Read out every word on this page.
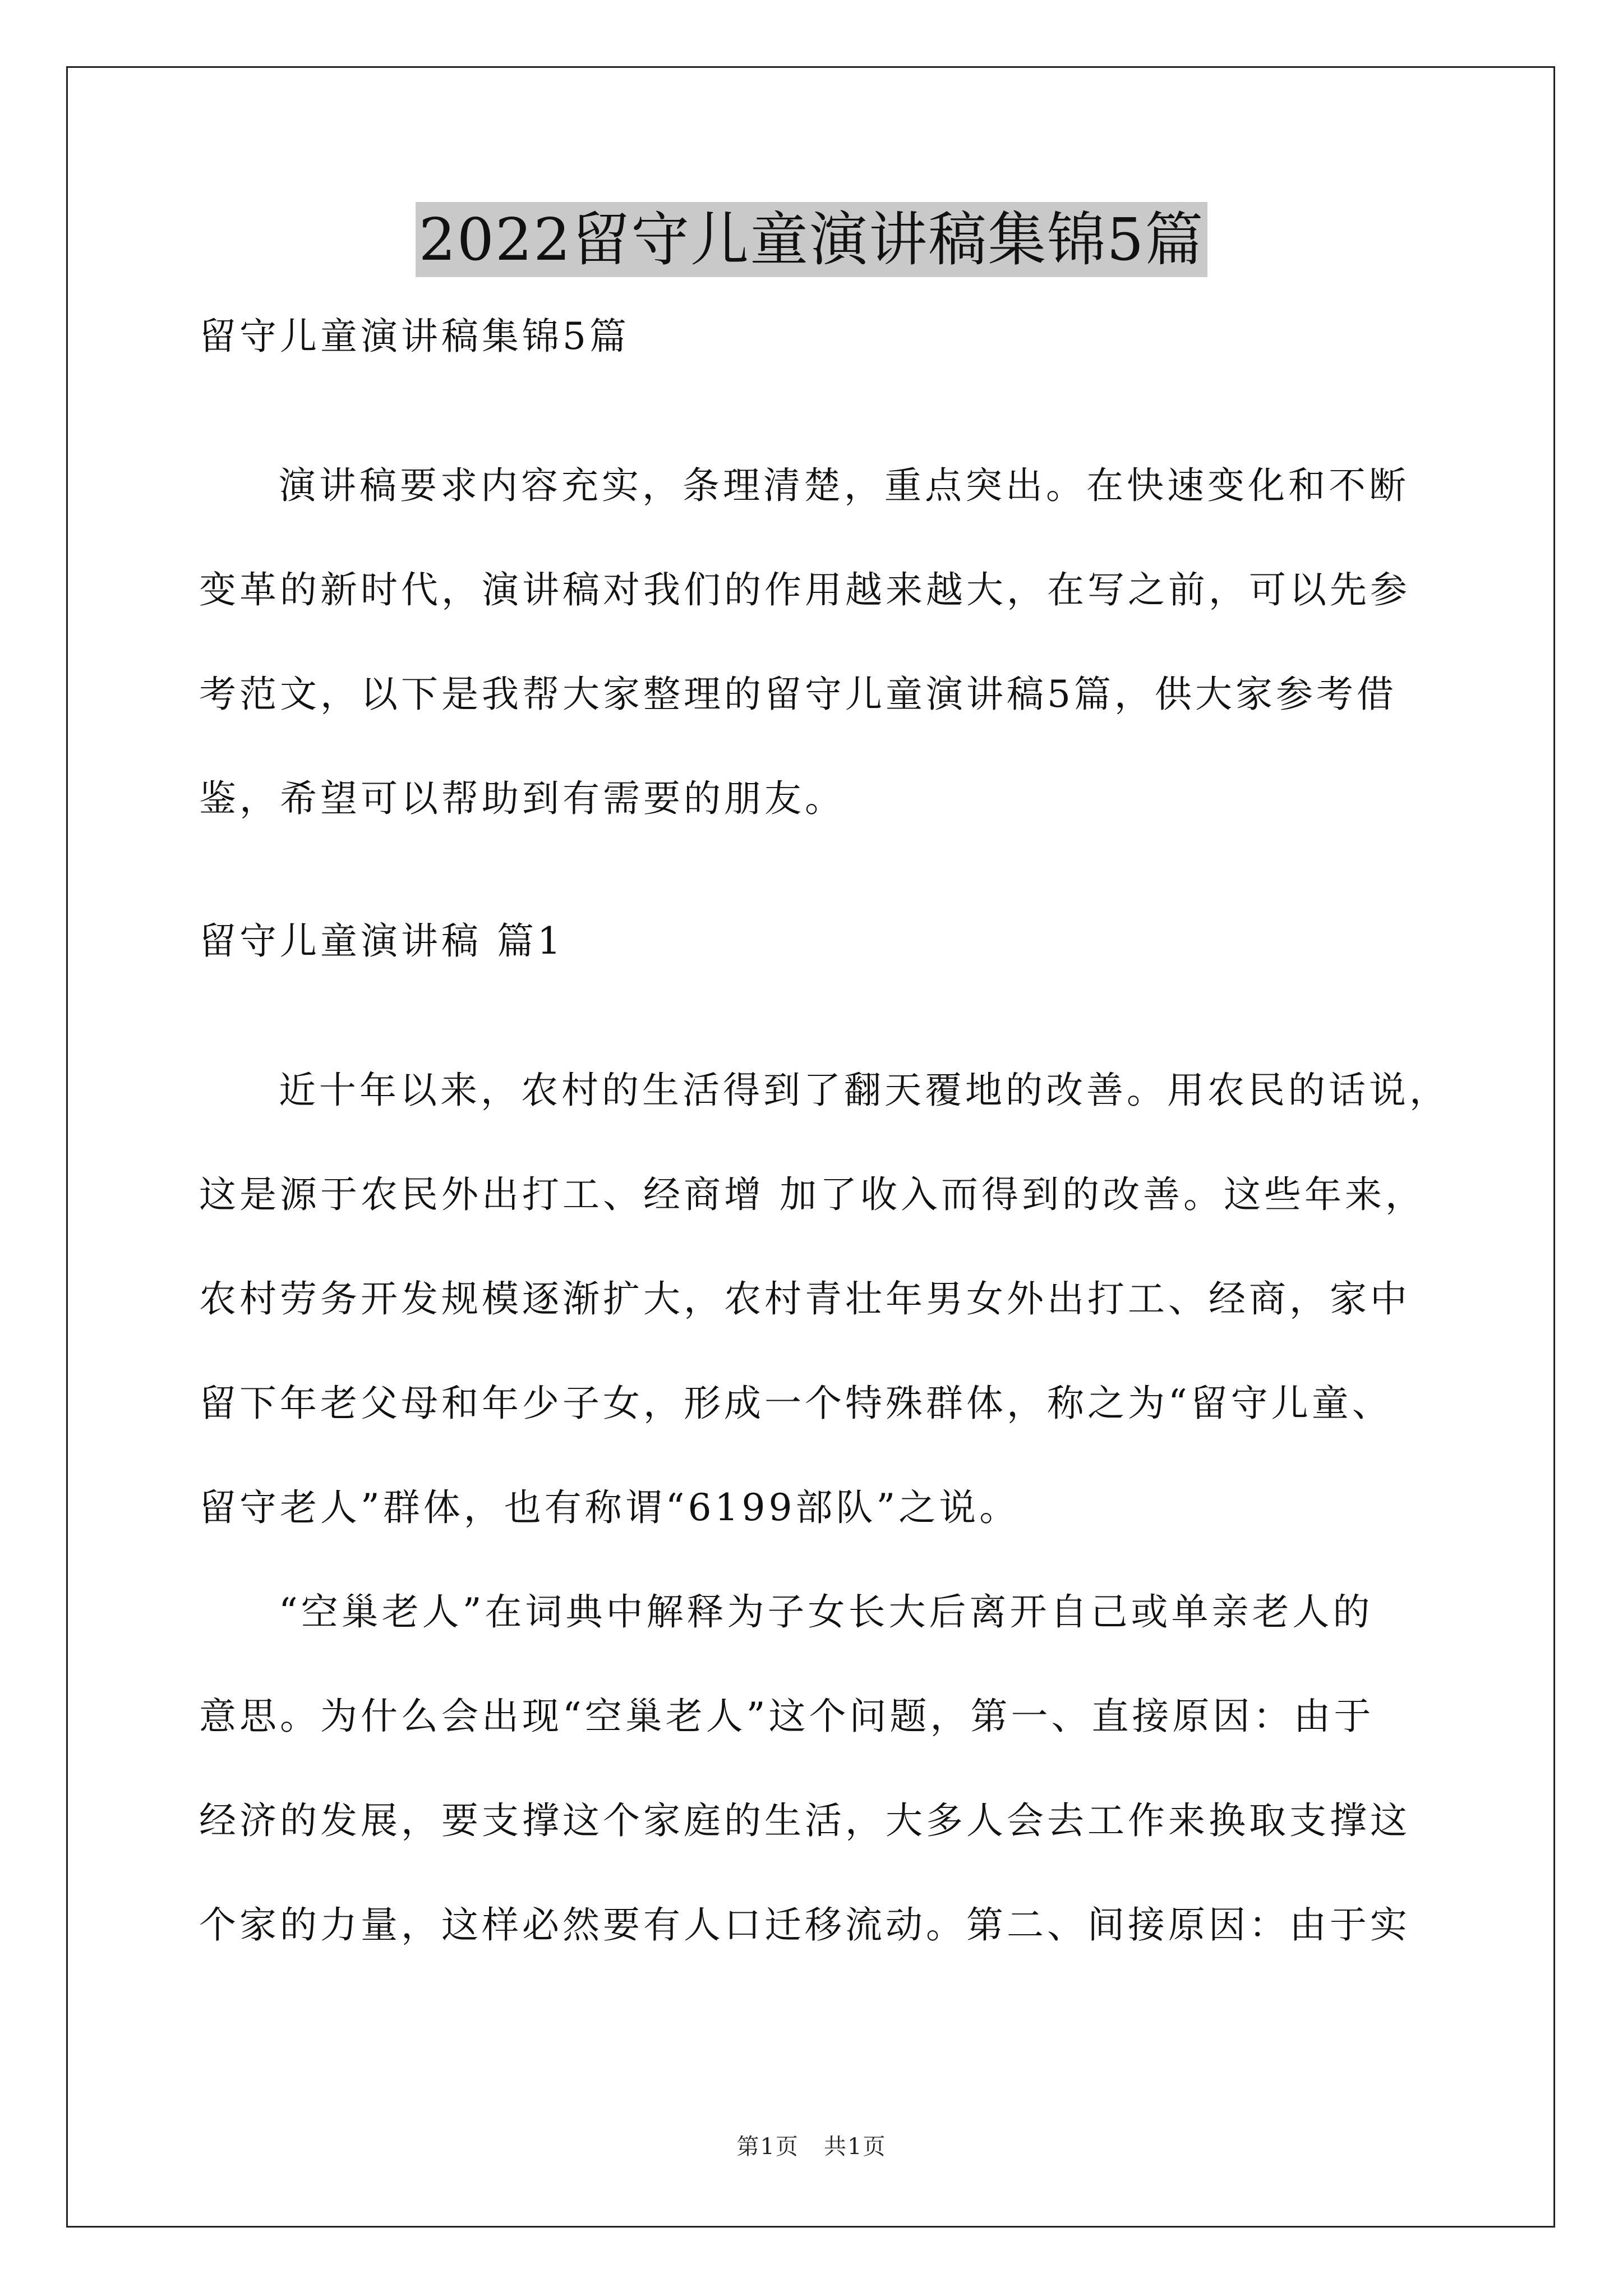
2022留守儿童演讲稿集锦5篇
留守儿童演讲稿集锦5篇
演讲稿要求内容充实，条理清楚，重点突出。在快速变化和不断
变革的新时代，演讲稿对我们的作用越来越大，在写之前，可以先参
考范文，以下是我帮大家整理的留守儿童演讲稿5篇，供大家参考借
鉴，希望可以帮助到有需要的朋友。
留守儿童演讲稿 篇1
近十年以来，农村的生活得到了翻天覆地的改善。用农民的话说，
这是源于农民外出打工、经商增 加了收入而得到的改善。这些年来，
农村劳务开发规模逐渐扩大，农村青壮年男女外出打工、经商，家中
留下年老父母和年少子女，形成一个特殊群体，称之为“留守儿童、
留守老人”群体，也有称谓“6199部队”之说。
“空巢老人”在词典中解释为子女长大后离开自己或单亲老人的
意思。为什么会出现“空巢老人”这个问题，第一、直接原因：由于
经济的发展，要支撑这个家庭的生活，大多人会去工作来换取支撑这
个家的力量，这样必然要有人口迁移流动。第二、间接原因：由于实
第1页   共1页
